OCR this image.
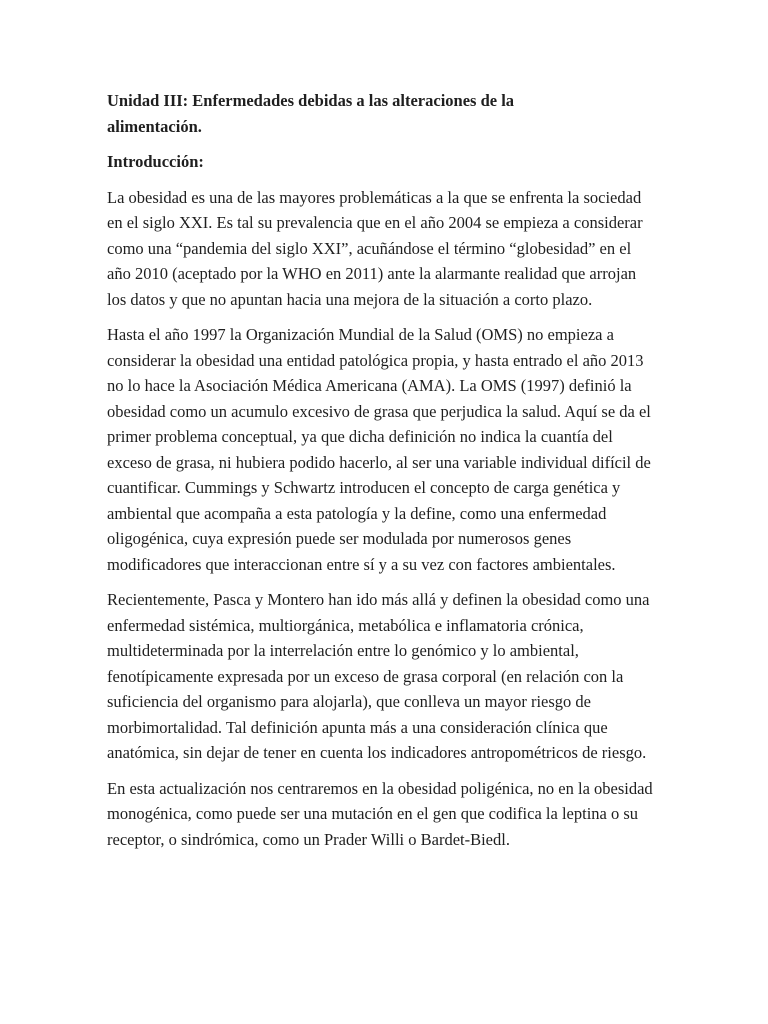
Unidad III: Enfermedades debidas a las alteraciones de la alimentación.

Introducción:

La obesidad es una de las mayores problemáticas a la que se enfrenta la sociedad en el siglo XXI. Es tal su prevalencia que en el año 2004 se empieza a considerar como una “pandemia del siglo XXI”, acuñándose el término “globesidad” en el año 2010 (aceptado por la WHO en 2011) ante la alarmante realidad que arrojan los datos y que no apuntan hacia una mejora de la situación a corto plazo.

Hasta el año 1997 la Organización Mundial de la Salud (OMS) no empieza a considerar la obesidad una entidad patológica propia, y hasta entrado el año 2013 no lo hace la Asociación Médica Americana (AMA). La OMS (1997) definió la obesidad como un acumulo excesivo de grasa que perjudica la salud. Aquí se da el primer problema conceptual, ya que dicha definición no indica la cuantía del exceso de grasa, ni hubiera podido hacerlo, al ser una variable individual difícil de cuantificar. Cummings y Schwartz introducen el concepto de carga genética y ambiental que acompaña a esta patología y la define, como una enfermedad oligogénica, cuya expresión puede ser modulada por numerosos genes modificadores que interaccionan entre sí y a su vez con factores ambientales.

Recientemente, Pasca y Montero han ido más allá y definen la obesidad como una enfermedad sistémica, multiorgánica, metabólica e inflamatoria crónica, multideterminada por la interrelación entre lo genómico y lo ambiental, fenotípicamente expresada por un exceso de grasa corporal (en relación con la suficiencia del organismo para alojarla), que conlleva un mayor riesgo de morbimortalidad. Tal definición apunta más a una consideración clínica que anatómica, sin dejar de tener en cuenta los indicadores antropométricos de riesgo.

En esta actualización nos centraremos en la obesidad poligénica, no en la obesidad monogénica, como puede ser una mutación en el gen que codifica la leptina o su receptor, o sindrómica, como un Prader Willi o Bardet-Biedl.
